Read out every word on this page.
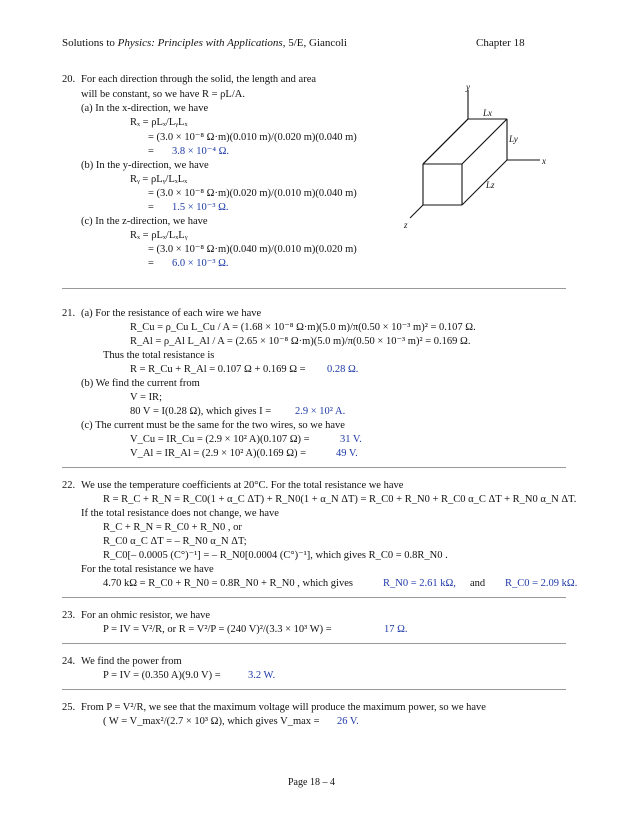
Solutions to Physics: Principles with Applications, 5/E, Giancoli	Chapter 18
20. For each direction through the solid, the length and area
will be constant, so we have R = ρL/A.
(a) In the x-direction, we have
Rₓ = ρLₓ/LᵧLₓ
= (3.0 × 10⁻⁸ Ω·m)(0.010 m)/(0.020 m)(0.040 m)
= 3.8 × 10⁻⁴ Ω.
(b) In the y-direction, we have
Rᵧ = ρLᵧ/LₓLₓ
= (3.0 × 10⁻⁸ Ω·m)(0.020 m)/(0.010 m)(0.040 m)
= 1.5 × 10⁻³ Ω.
(c) In the z-direction, we have
Rₓ = ρLₓ/LₓLᵧ
= (3.0 × 10⁻⁸ Ω·m)(0.040 m)/(0.010 m)(0.020 m)
= 6.0 × 10⁻³ Ω.
y
x
z
Lx
Ly
Lz
21. (a) For the resistance of each wire we have
R_Cu = ρ_Cu L_Cu / A = (1.68 × 10⁻⁸ Ω·m)(5.0 m)/π(0.50 × 10⁻³ m)² = 0.107 Ω.
R_Al = ρ_Al L_Al / A = (2.65 × 10⁻⁸ Ω·m)(5.0 m)/π(0.50 × 10⁻³ m)² = 0.169 Ω.
Thus the total resistance is
R = R_Cu + R_Al = 0.107 Ω + 0.169 Ω = 0.28 Ω.
(b) We find the current from
V = IR;
80 V = I(0.28 Ω), which gives I = 2.9 × 10² A.
(c) The current must be the same for the two wires, so we have
V_Cu = IR_Cu = (2.9 × 10² A)(0.107 Ω) =	31 V.
V_Al = IR_Al = (2.9 × 10² A)(0.169 Ω) =	49 V.
22. We use the temperature coefficients at 20°C. For the total resistance we have
R = R_C + R_N = R_C0(1 + α_C ΔT) + R_N0(1 + α_N ΔT) = R_C0 + R_N0 + R_C0 α_C ΔT + R_N0 α_N ΔT.
If the total resistance does not change, we have
R_C + R_N = R_C0 + R_N0 , or
R_C0 α_C ΔT = – R_N0 α_N ΔT;
R_C0[– 0.0005 (C°)⁻¹] = – R_N0[0.0004 (C°)⁻¹], which gives R_C0 = 0.8R_N0 .
For the total resistance we have
4.70 kΩ = R_C0 + R_N0 = 0.8R_N0 + R_N0 , which gives	R_N0 = 2.61 kΩ, and R_C0 = 2.09 kΩ.
23. For an ohmic resistor, we have
P = IV = V²/R, or R = V²/P = (240 V)²/(3.3 × 10³ W) =	17 Ω.
24. We find the power from
P = IV = (0.350 A)(9.0 V) =	3.2 W.
25. From P = V²/R, we see that the maximum voltage will produce the maximum power, so we have
( W = V_max²/(2.7 × 10³ Ω), which gives V_max = 26 V.
Page 18 – 4
